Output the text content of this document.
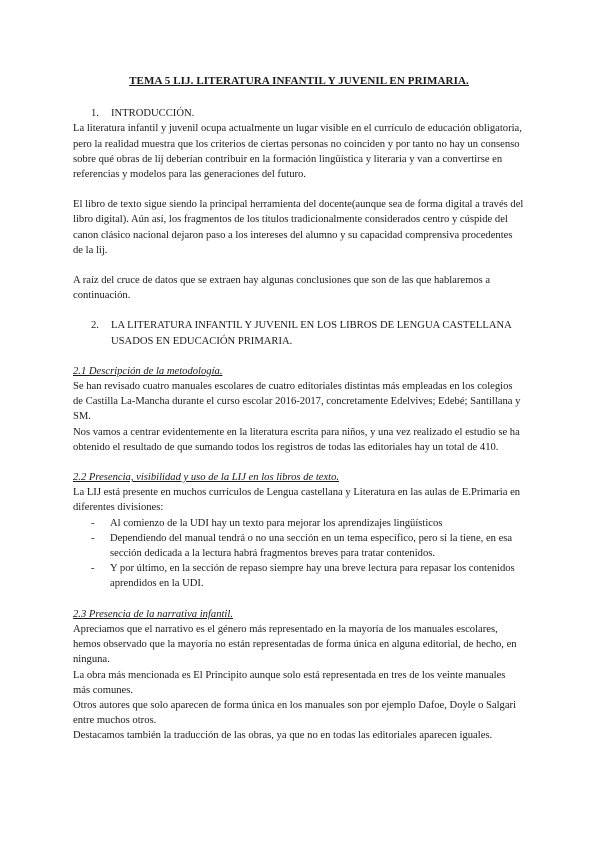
TEMA 5 LIJ. LITERATURA INFANTIL Y JUVENIL EN PRIMARIA.
1.	INTRODUCCIÓN.

La literatura infantil y juvenil ocupa actualmente un lugar visible en el currículo de educación obligatoria, pero la realidad muestra que los criterios de ciertas personas no coinciden y por tanto no hay un consenso sobre qué obras de lij deberían contribuir en la formación lingüística y literaria y van a convertirse en referencias y modelos para las generaciones del futuro.

El libro de texto sigue siendo la principal herramienta del docente(aunque sea de forma digital a través del libro digital). Aún así, los fragmentos de los títulos tradicionalmente considerados centro y cúspide del canon clásico nacional dejaron paso a los intereses del alumno y su capacidad comprensiva procedentes de la lij.

A raíz del cruce de datos que se extraen hay algunas conclusiones que son de las que hablaremos a continuación.

2.	LA LITERATURA INFANTIL Y JUVENIL EN LOS LIBROS DE LENGUA CASTELLANA USADOS EN EDUCACIÓN PRIMARIA.

2.1 Descripción de la metodología.

Se han revisado cuatro manuales escolares de cuatro editoriales distintas más empleadas en los colegios de Castilla La-Mancha durante el curso escolar 2016-2017, concretamente Edelvives; Edebé; Santillana y SM.

Nos vamos a centrar evidentemente en la literatura escrita para niños, y una vez realizado el estudio se ha obtenido el resultado de que sumando todos los registros de todas las editoriales hay un total de 410.

2.2 Presencia, visibilidad y uso de la LIJ en los libros de texto.

La LIJ está presente en muchos currículos de Lengua castellana y Literatura en las aulas de E.Primaria en diferentes divisiones:

-	Al comienzo de la UDI hay un texto para mejorar los aprendizajes lingüísticos
-	Dependiendo del manual tendrá o no una sección en un tema específico, pero si la tiene, en esa sección dedicada a la lectura habrá fragmentos breves para tratar contenidos.
-	Y por último, en la sección de repaso siempre hay una breve lectura para repasar los contenidos aprendidos en la UDI.

2.3 Presencia de la narrativa infantil.

Apreciamos que el narrativo es el género más representado en la mayoría de los manuales escolares, hemos observado que la mayoría no están representadas de forma única en alguna editorial, de hecho, en ninguna.

La obra más mencionada es El Principito aunque solo está representada en tres de los veinte manuales más comunes.

Otros autores que solo aparecen de forma única en los manuales son por ejemplo Dafoe, Doyle o Salgari entre muchos otros.

Destacamos también la traducción de las obras, ya que no en todas las editoriales aparecen iguales.
